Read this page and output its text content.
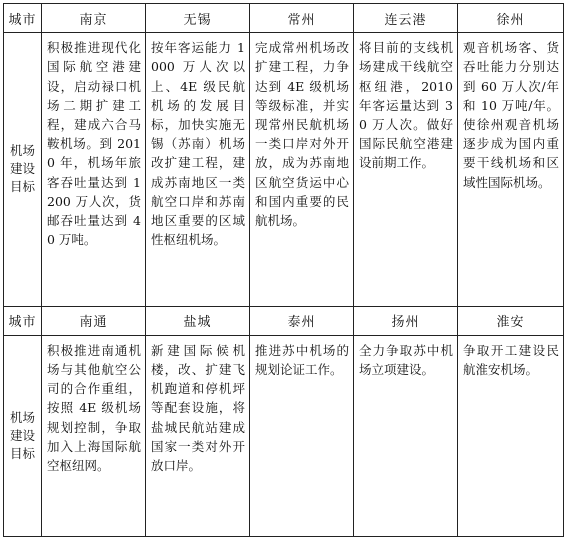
城市	南京	无锡	常州	连云港	徐州

机场建设目标	积极推进现代化国际航空港建设，启动禄口机场二期扩建工程，建成六合马鞍机场。到 2010 年，机场年旅客吞吐量达到 1200 万人次，货邮吞吐量达到 40 万吨。	按年客运能力 1000 万人次以上、4E 级民航机场的发展目标，加快实施无锡（苏南）机场改扩建工程，建成苏南地区一类航空口岸和苏南地区重要的区域性枢纽机场。	完成常州机场改扩建工程，力争达到 4E 级机场等级标准，并实现常州民航机场一类口岸对外开放，成为苏南地区航空货运中心和国内重要的民航机场。	将目前的支线机场建成干线航空枢纽港，2010 年客运量达到 30 万人次。做好国际民航空港建设前期工作。	观音机场客、货吞吐能力分别达到 60 万人次/年和 10 万吨/年。使徐州观音机场逐步成为国内重要干线机场和区域性国际机场。

城市	南通	盐城	泰州	扬州	淮安

机场建设目标	积极推进南通机场与其他航空公司的合作重组，按照 4E 级机场规划控制，争取加入上海国际航空枢纽网。	新建国际候机楼，改、扩建飞机跑道和停机坪等配套设施，将盐城民航站建成国家一类对外开放口岸。	推进苏中机场的规划论证工作。	全力争取苏中机场立项建设。	争取开工建设民航淮安机场。
